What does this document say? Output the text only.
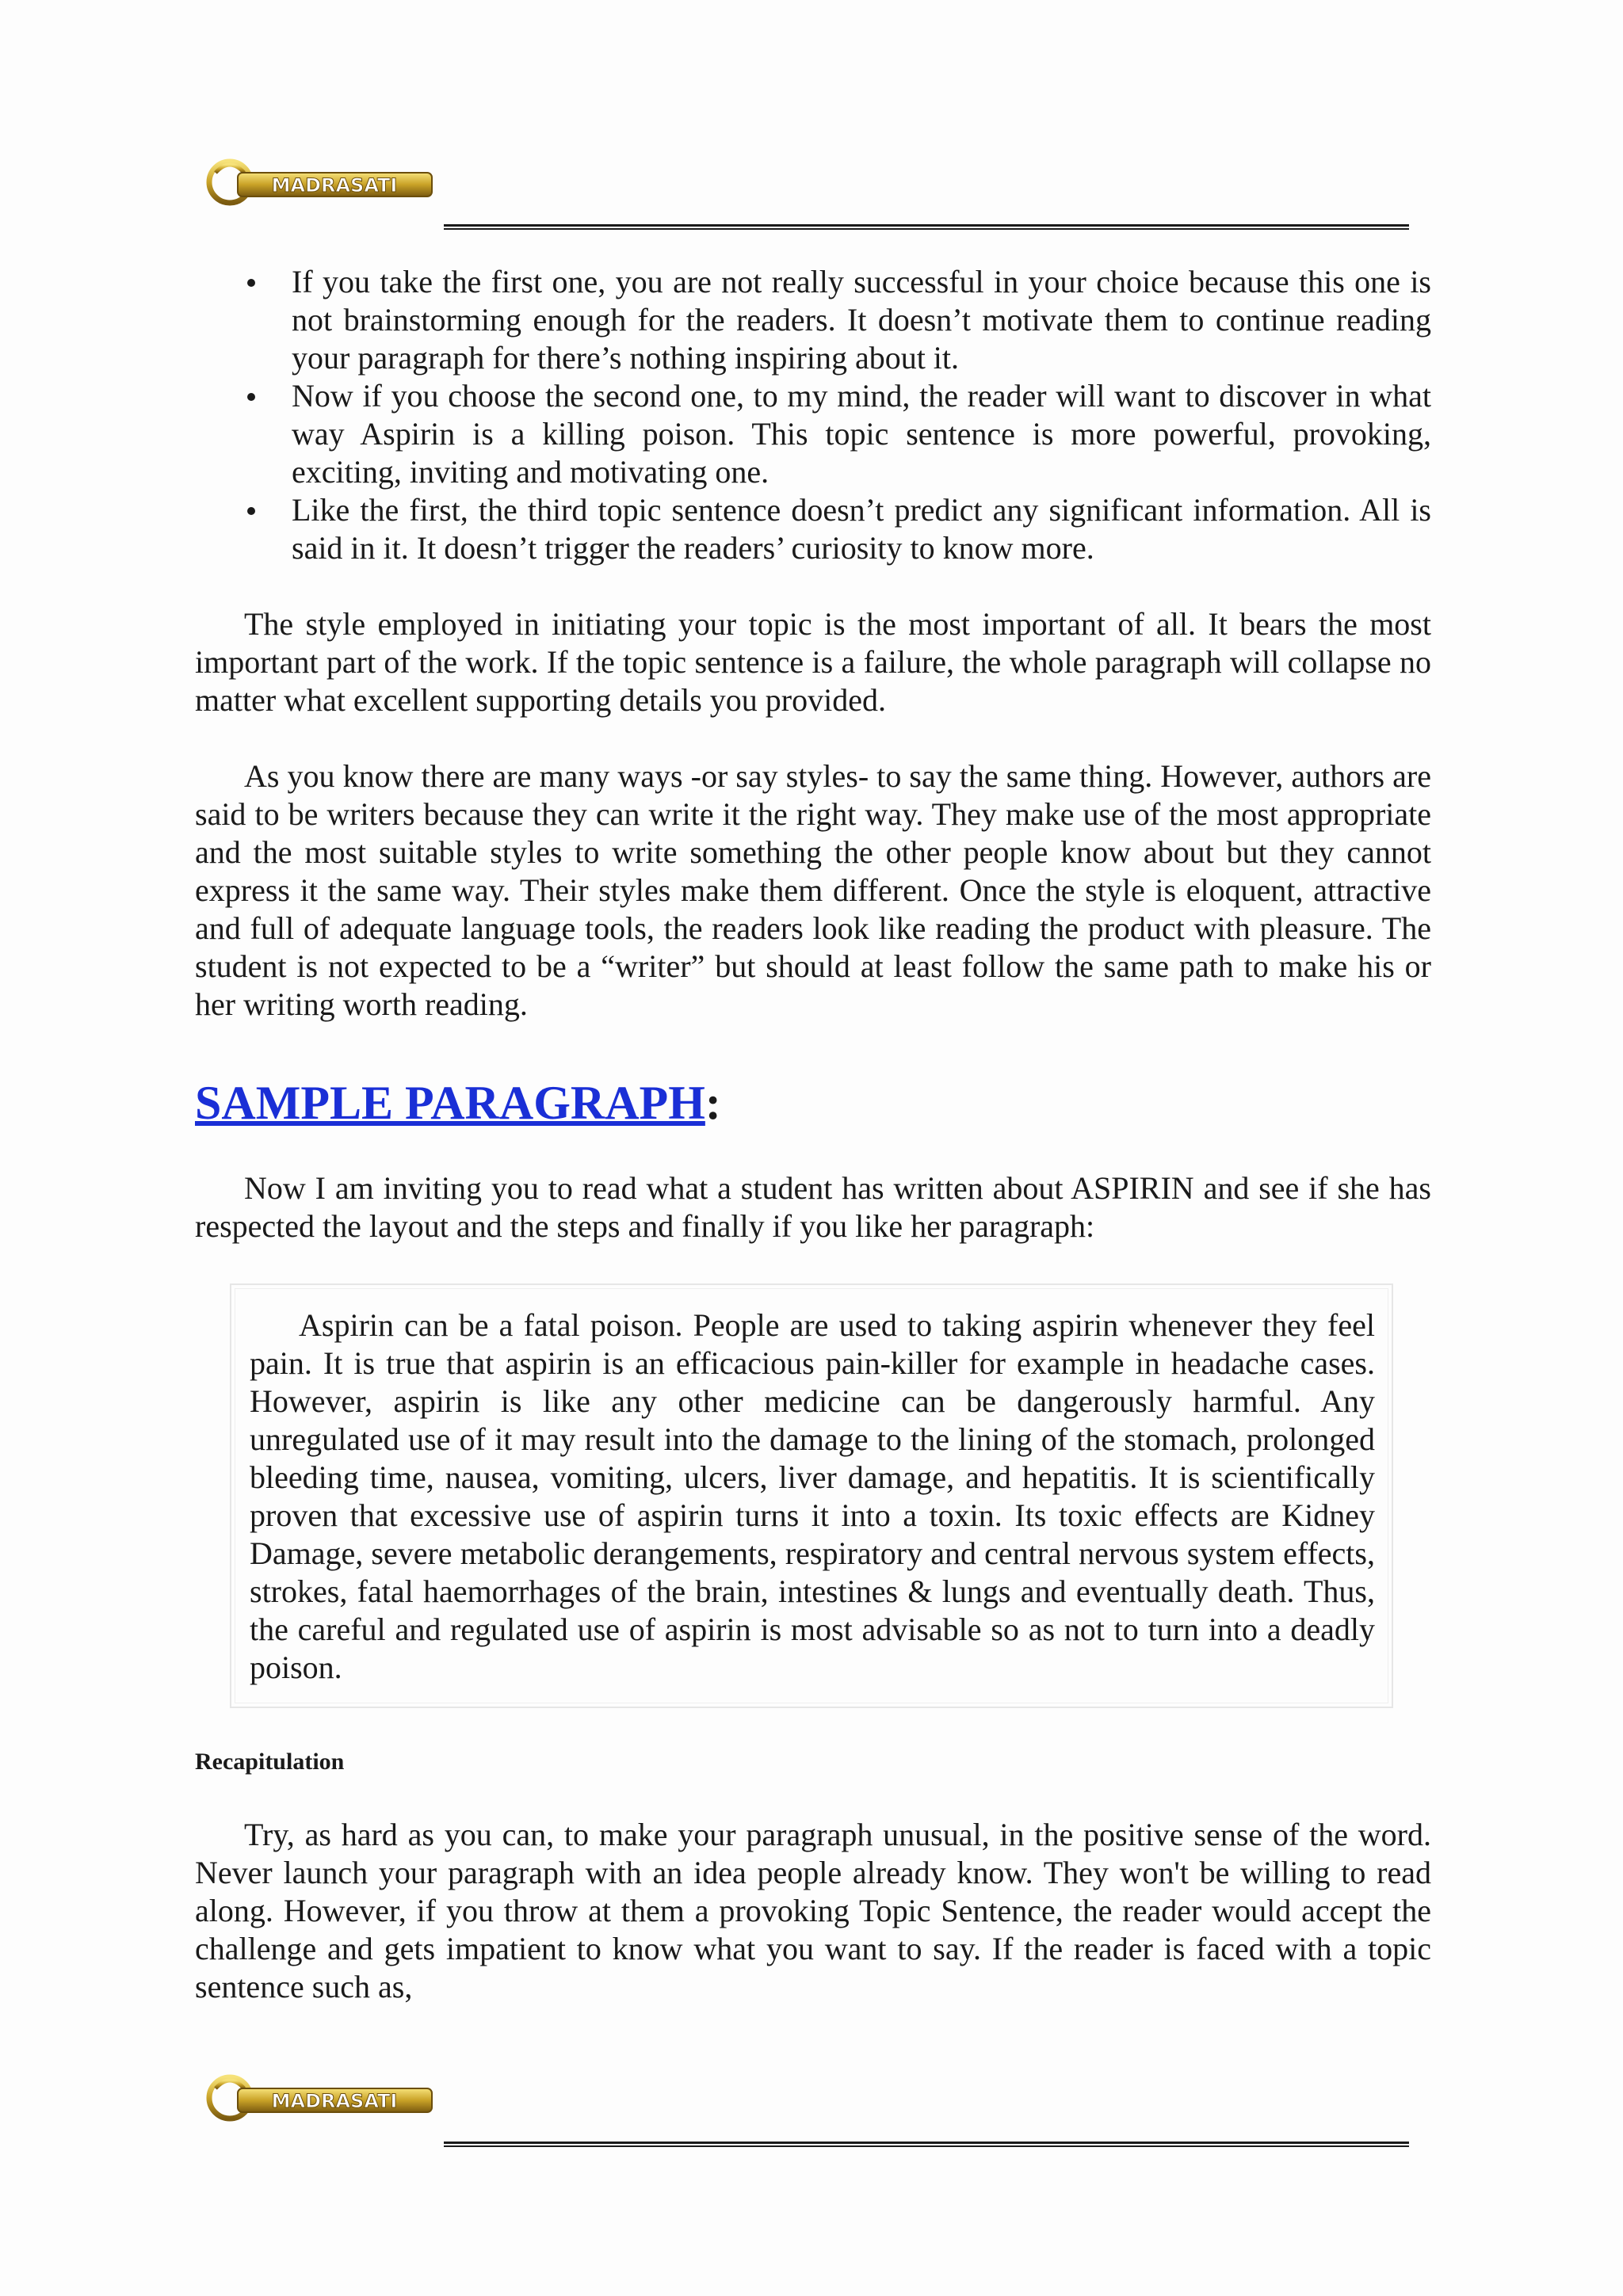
MADRASATI
If you take the first one, you are not really successful in your choice because this one is not brainstorming enough for the readers. It doesn’t motivate them to continue reading your paragraph for there’s nothing inspiring about it.
Now if you choose the second one, to my mind, the reader will want to discover in what way Aspirin is a killing poison. This topic sentence is more powerful, provoking, exciting, inviting and motivating one.
Like the first, the third topic sentence doesn’t predict any significant information. All is said in it. It doesn’t trigger the readers’ curiosity to know more.

The style employed in initiating your topic is the most important of all. It bears the most important part of the work. If the topic sentence is a failure, the whole paragraph will collapse no matter what excellent supporting details you provided.

As you know there are many ways -or say styles- to say the same thing. However, authors are said to be writers because they can write it the right way. They make use of the most appropriate and the most suitable styles to write something the other people know about but they cannot express it the same way. Their styles make them different. Once the style is eloquent, attractive and full of adequate language tools, the readers look like reading the product with pleasure. The student is not expected to be a “writer” but should at least follow the same path to make his or her writing worth reading.

SAMPLE PARAGRAPH:

Now I am inviting you to read what a student has written about ASPIRIN and see if she has respected the layout and the steps and finally if you like her paragraph:

Aspirin can be a fatal poison. People are used to taking aspirin whenever they feel pain. It is true that aspirin is an efficacious pain-killer for example in headache cases. However, aspirin is like any other medicine can be dangerously harmful. Any unregulated use of it may result into the damage to the lining of the stomach, prolonged bleeding time, nausea, vomiting, ulcers, liver damage, and hepatitis. It is scientifically proven that excessive use of aspirin turns it into a toxin. Its toxic effects are Kidney Damage, severe metabolic derangements, respiratory and central nervous system effects, strokes, fatal haemorrhages of the brain, intestines & lungs and eventually death. Thus, the careful and regulated use of aspirin is most advisable so as not to turn into a deadly poison.
Recapitulation

Try, as hard as you can, to make your paragraph unusual, in the positive sense of the word. Never launch your paragraph with an idea people already know. They won't be willing to read along. However, if you throw at them a provoking Topic Sentence, the reader would accept the challenge and gets impatient to know what you want to say. If the reader is faced with a topic sentence such as,

MADRASATI
